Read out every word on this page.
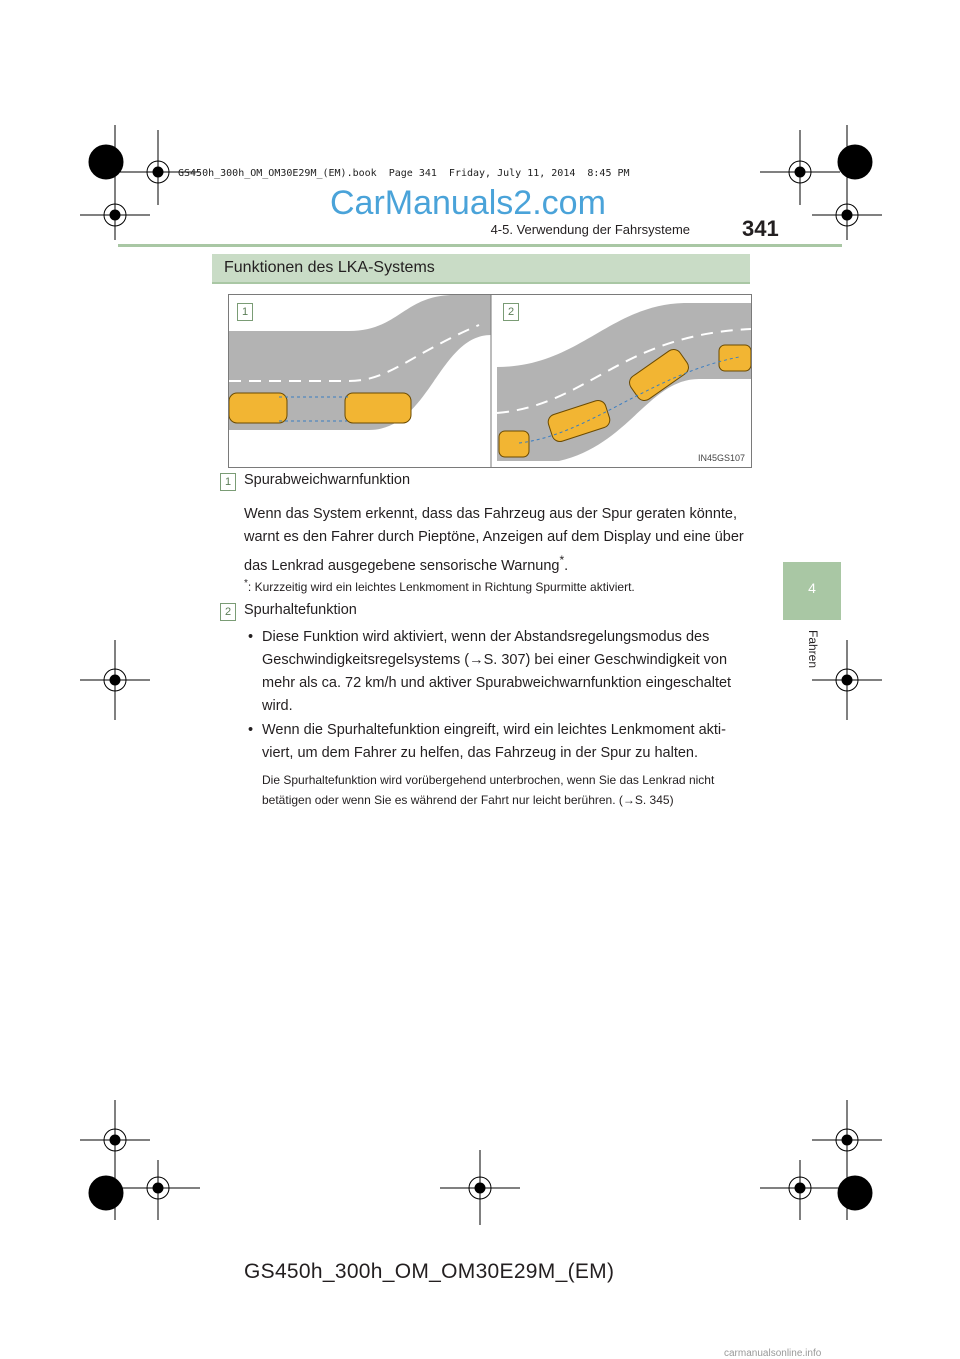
GS450h_300h_OM_OM30E29M_(EM).book  Page 341  Friday, July 11, 2014  8:45 PM
CarManuals2.com
4-5. Verwendung der Fahrsysteme 341
Funktionen des LKA-Systems
1	2
IN45GS107
4
Fahren
1 Spurabweichwarnfunktion
Wenn das System erkennt, dass das Fahrzeug aus der Spur geraten könnte,
warnt es den Fahrer durch Pieptöne, Anzeigen auf dem Display und eine über
das Lenkrad ausgegebene sensorische Warnung*.
*: Kurzzeitig wird ein leichtes Lenkmoment in Richtung Spurmitte aktiviert.
2 Spurhaltefunktion
• Diese Funktion wird aktiviert, wenn der Abstandsregelungsmodus des
Geschwindigkeitsregelsystems (→S. 307) bei einer Geschwindigkeit von
mehr als ca. 72 km/h und aktiver Spurabweichwarnfunktion eingeschaltet
wird.
• Wenn die Spurhaltefunktion eingreift, wird ein leichtes Lenkmoment akti-
viert, um dem Fahrer zu helfen, das Fahrzeug in der Spur zu halten.
Die Spurhaltefunktion wird vorübergehend unterbrochen, wenn Sie das Lenkrad nicht
betätigen oder wenn Sie es während der Fahrt nur leicht berühren. (→S. 345)
GS450h_300h_OM_OM30E29M_(EM)
carmanualsonline.info
